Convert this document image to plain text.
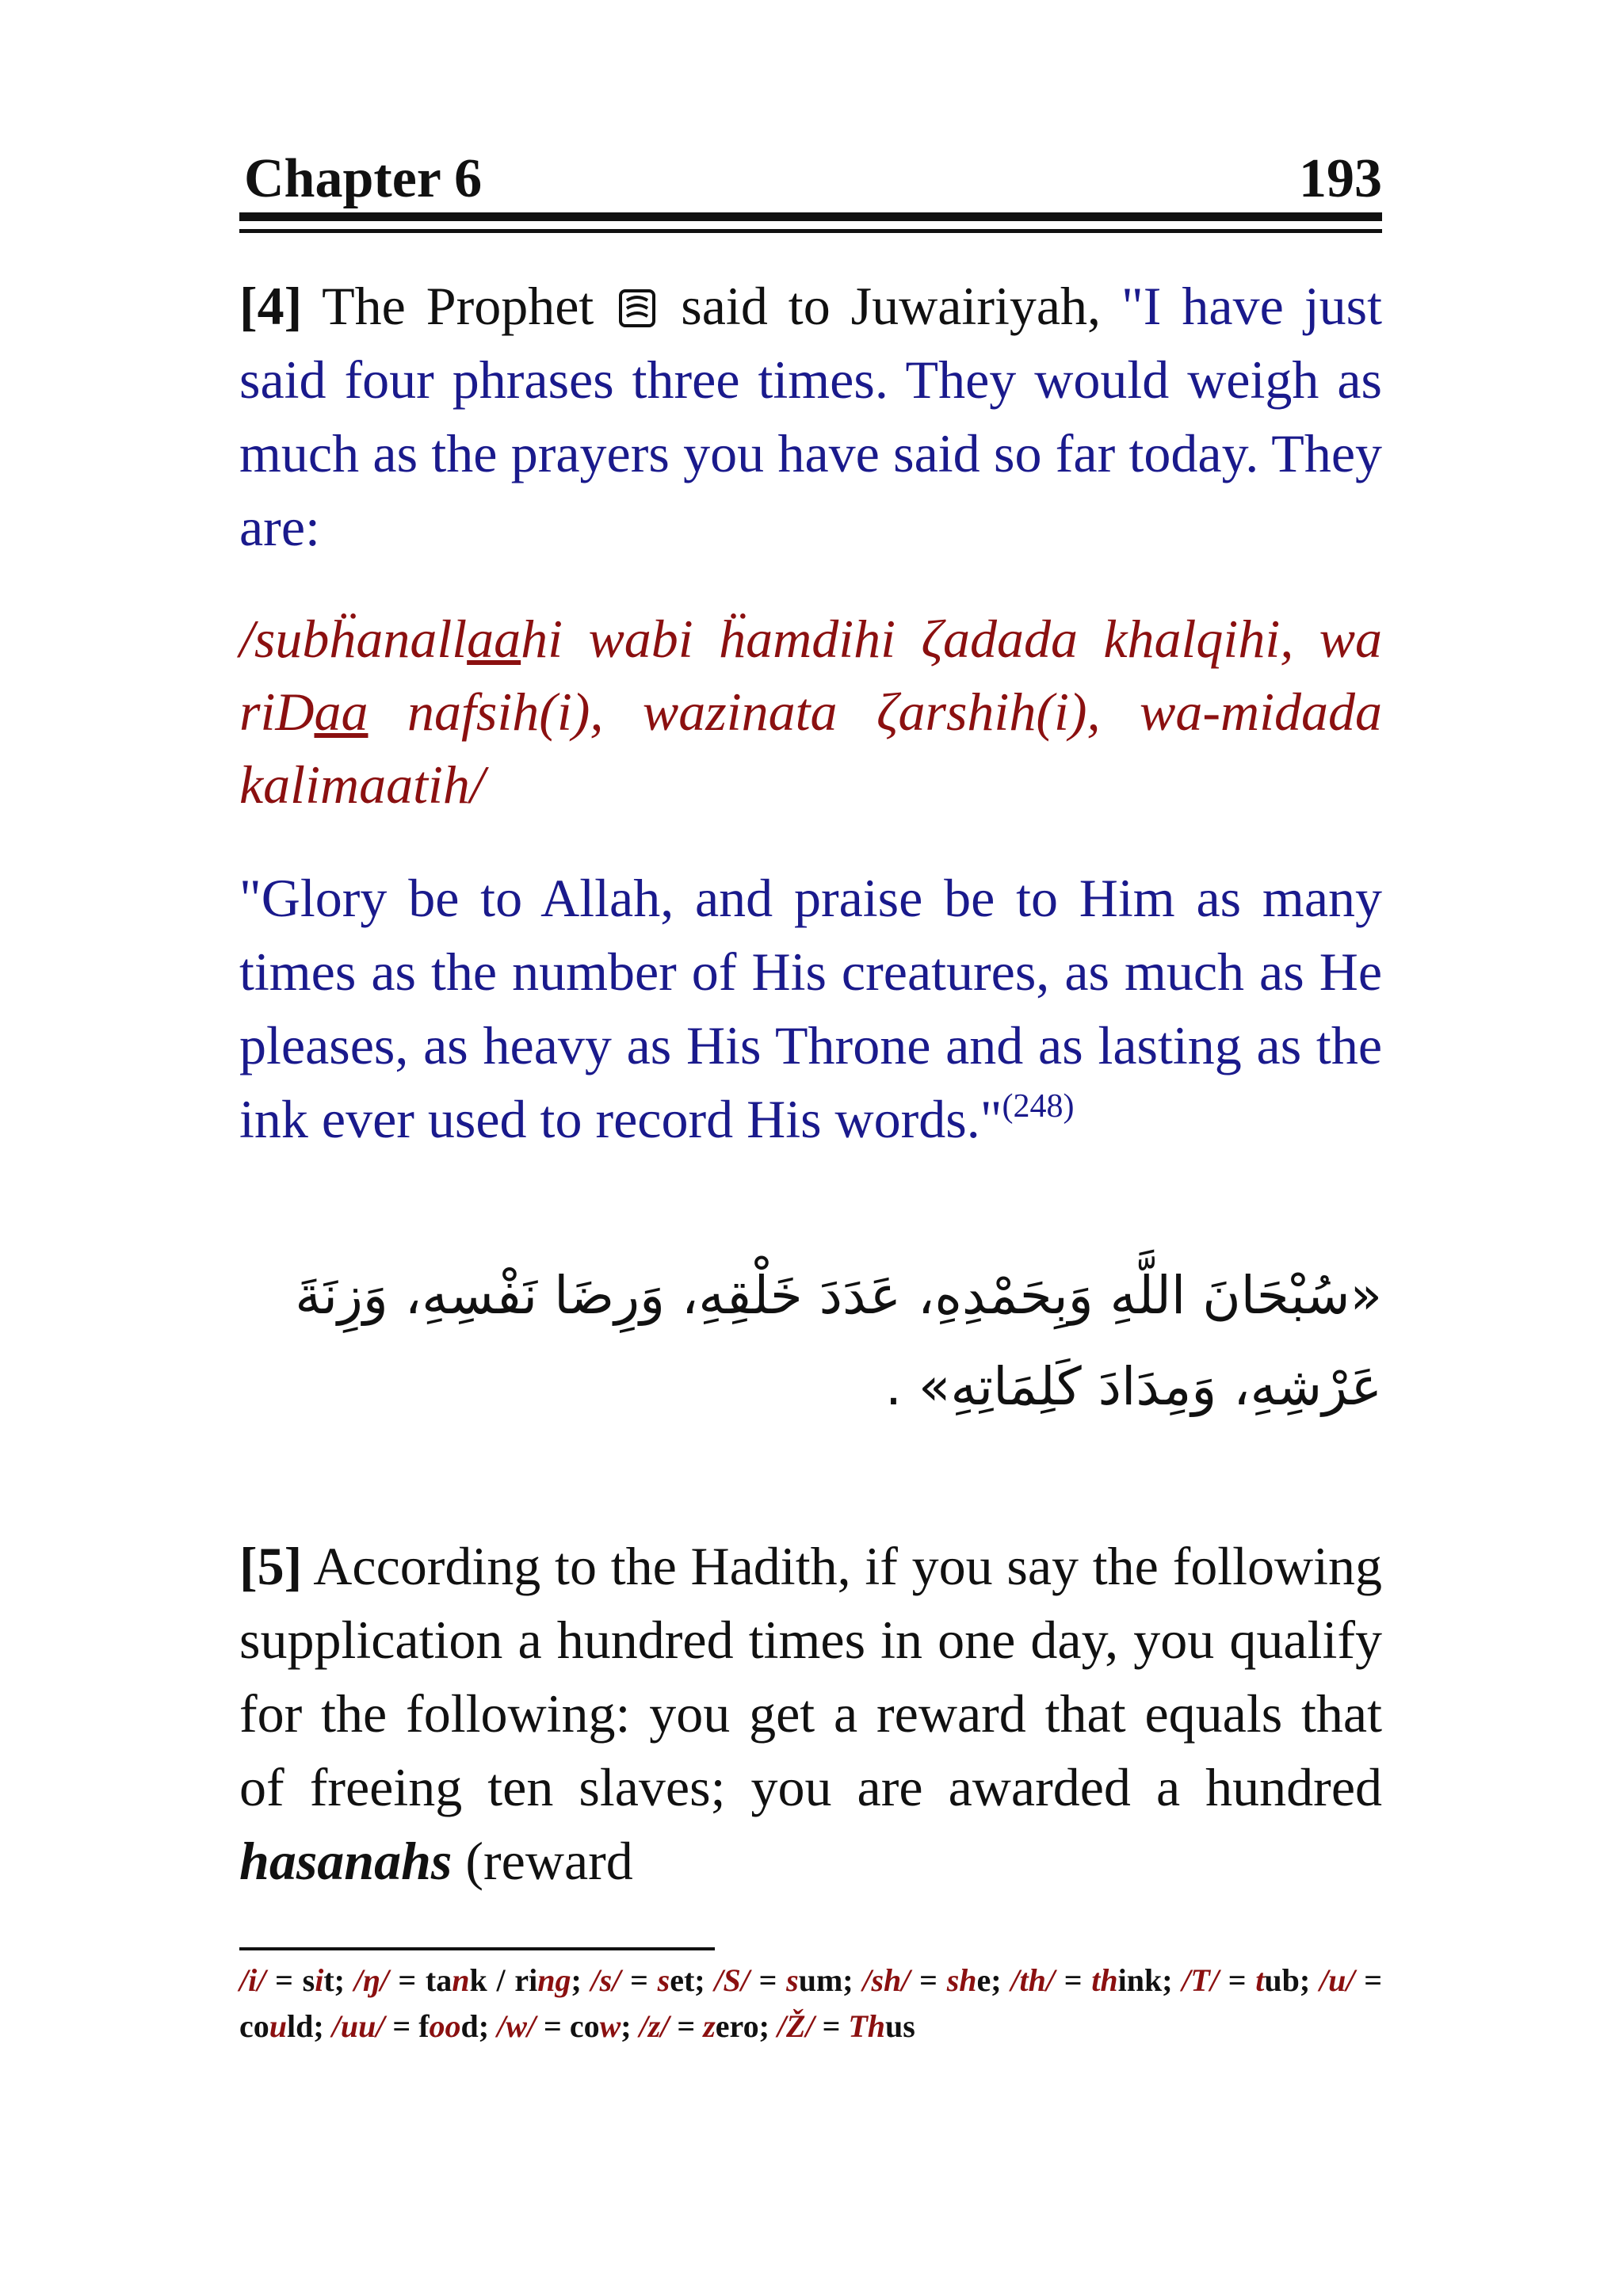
Chapter 6	193

[4] The Prophet said to Juwairiyah, "I have just said four phrases three times. They would weigh as much as the prayers you have said so far today. They are:

/subḧanallaahi wabi ḧamdihi ζadada khalqihi, wa riDaa nafsih(i), wazinata ζarshih(i), wa-midada kalimaatih/

"Glory be to Allah, and praise be to Him as many times as the number of His creatures, as much as He pleases, as heavy as His Throne and as lasting as the ink ever used to record His words."$^{(248)}$

«سُبْحَانَ اللَّهِ وَبِحَمْدِهِ، عَدَدَ خَلْقِهِ، وَرِضَا نَفْسِهِ، وَزِنَةَ

عَرْشِهِ، وَمِدَادَ كَلِمَاتِهِ» .

[5] According to the Hadith, if you say the following supplication a hundred times in one day, you qualify for the following: you get a reward that equals that of freeing ten slaves; you are awarded a hundred hasanahs (reward

/i/ = sit; /ŋ/ = tank / ring; /s/ = set; /S/ = sum; /sh/ = she; /th/ = think; /T/ = tub; /u/ = could; /uu/ = food; /w/ = cow; /z/ = zero; /Ž/ = Thus
